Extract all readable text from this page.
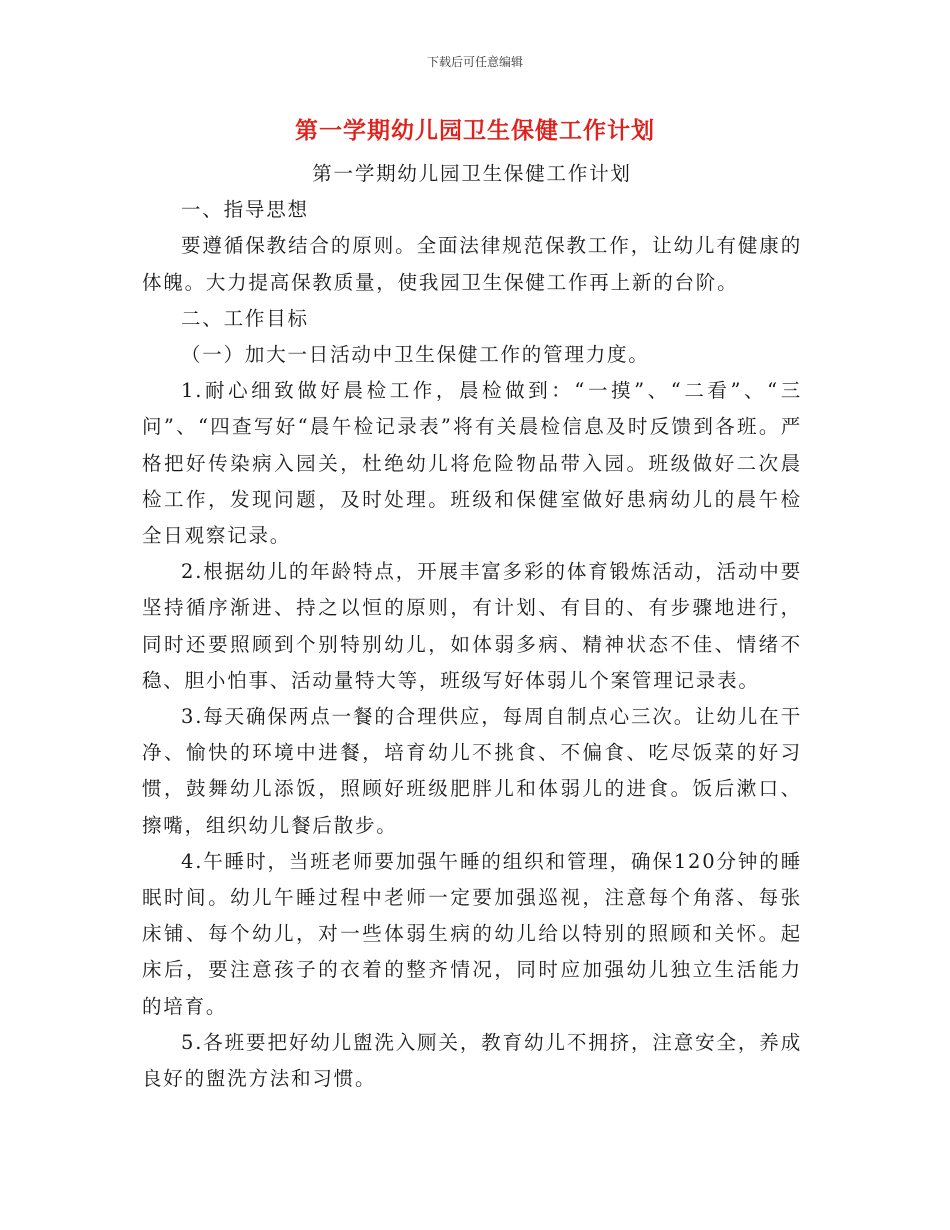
下载后可任意编辑
第一学期幼儿园卫生保健工作计划

第一学期幼儿园卫生保健工作计划

一、指导思想

要遵循保教结合的原则。全面法律规范保教工作，让幼儿有健康的体魄。大力提高保教质量，使我园卫生保健工作再上新的台阶。

二、工作目标

（一）加大一日活动中卫生保健工作的管理力度。

1.耐心细致做好晨检工作，晨检做到：“一摸”、“二看”、“三问”、“四查写好“晨午检记录表”将有关晨检信息及时反馈到各班。严格把好传染病入园关，杜绝幼儿将危险物品带入园。班级做好二次晨检工作，发现问题，及时处理。班级和保健室做好患病幼儿的晨午检全日观察记录。

2.根据幼儿的年龄特点，开展丰富多彩的体育锻炼活动，活动中要坚持循序渐进、持之以恒的原则，有计划、有目的、有步骤地进行，同时还要照顾到个别特别幼儿，如体弱多病、精神状态不佳、情绪不稳、胆小怕事、活动量特大等，班级写好体弱儿个案管理记录表。

3.每天确保两点一餐的合理供应，每周自制点心三次。让幼儿在干净、愉快的环境中进餐，培育幼儿不挑食、不偏食、吃尽饭菜的好习惯，鼓舞幼儿添饭，照顾好班级肥胖儿和体弱儿的进食。饭后漱口、擦嘴，组织幼儿餐后散步。

4.午睡时，当班老师要加强午睡的组织和管理，确保120分钟的睡眠时间。幼儿午睡过程中老师一定要加强巡视，注意每个角落、每张床铺、每个幼儿，对一些体弱生病的幼儿给以特别的照顾和关怀。起床后，要注意孩子的衣着的整齐情况，同时应加强幼儿独立生活能力的培育。

5.各班要把好幼儿盥洗入厕关，教育幼儿不拥挤，注意安全，养成良好的盥洗方法和习惯。
